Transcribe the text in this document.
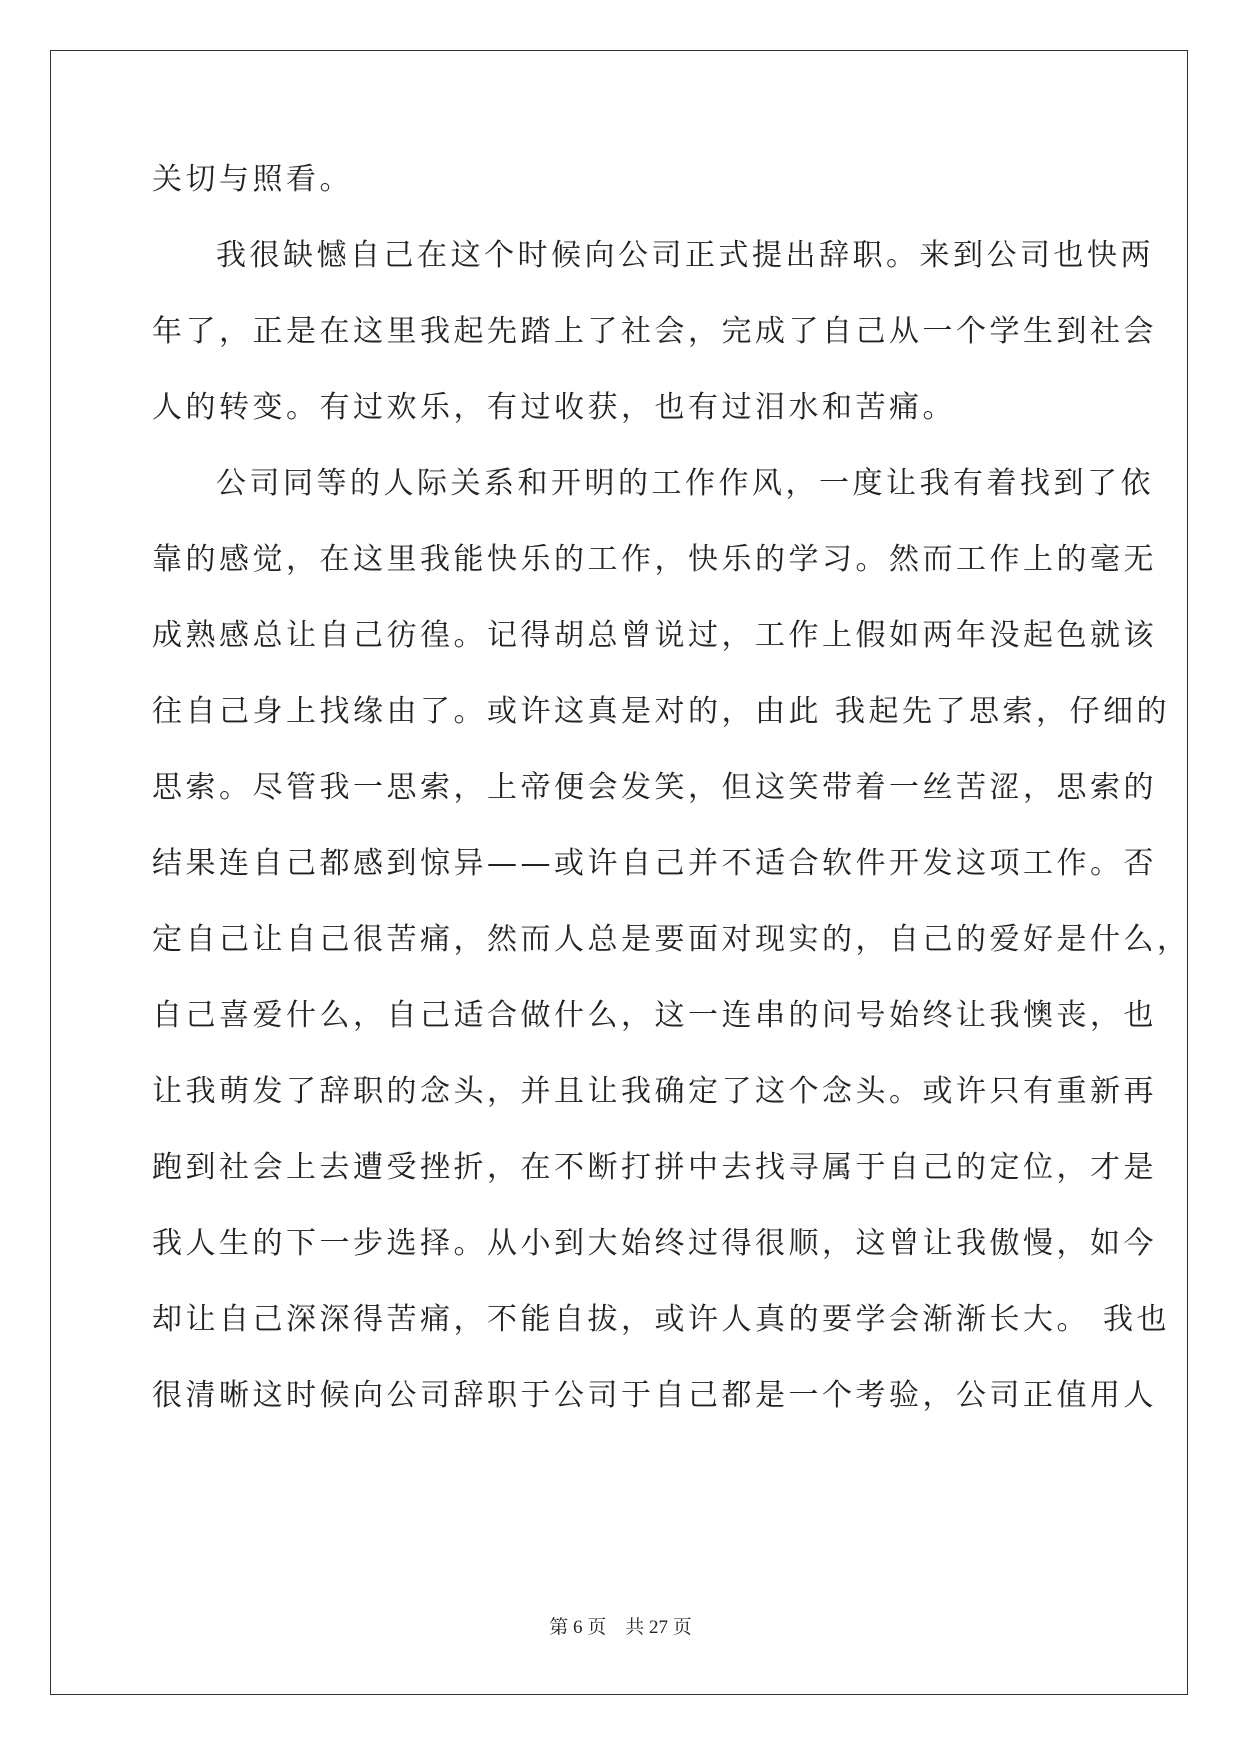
关切与照看。
我很缺憾自己在这个时候向公司正式提出辞职。来到公司也快两
年了，正是在这里我起先踏上了社会，完成了自己从一个学生到社会
人的转变。有过欢乐，有过收获，也有过泪水和苦痛。
公司同等的人际关系和开明的工作作风，一度让我有着找到了依
靠的感觉，在这里我能快乐的工作，快乐的学习。然而工作上的毫无
成熟感总让自己彷徨。记得胡总曾说过，工作上假如两年没起色就该
往自己身上找缘由了。或许这真是对的，由此 我起先了思索，仔细的
思索。尽管我一思索，上帝便会发笑，但这笑带着一丝苦涩，思索的
结果连自己都感到惊异——或许自己并不适合软件开发这项工作。否
定自己让自己很苦痛，然而人总是要面对现实的，自己的爱好是什么，
自己喜爱什么，自己适合做什么，这一连串的问号始终让我懊丧，也
让我萌发了辞职的念头，并且让我确定了这个念头。或许只有重新再
跑到社会上去遭受挫折，在不断打拼中去找寻属于自己的定位，才是
我人生的下一步选择。从小到大始终过得很顺，这曾让我傲慢，如今
却让自己深深得苦痛，不能自拔，或许人真的要学会渐渐长大。 我也
很清晰这时候向公司辞职于公司于自己都是一个考验，公司正值用人
第 6 页 共 27 页
